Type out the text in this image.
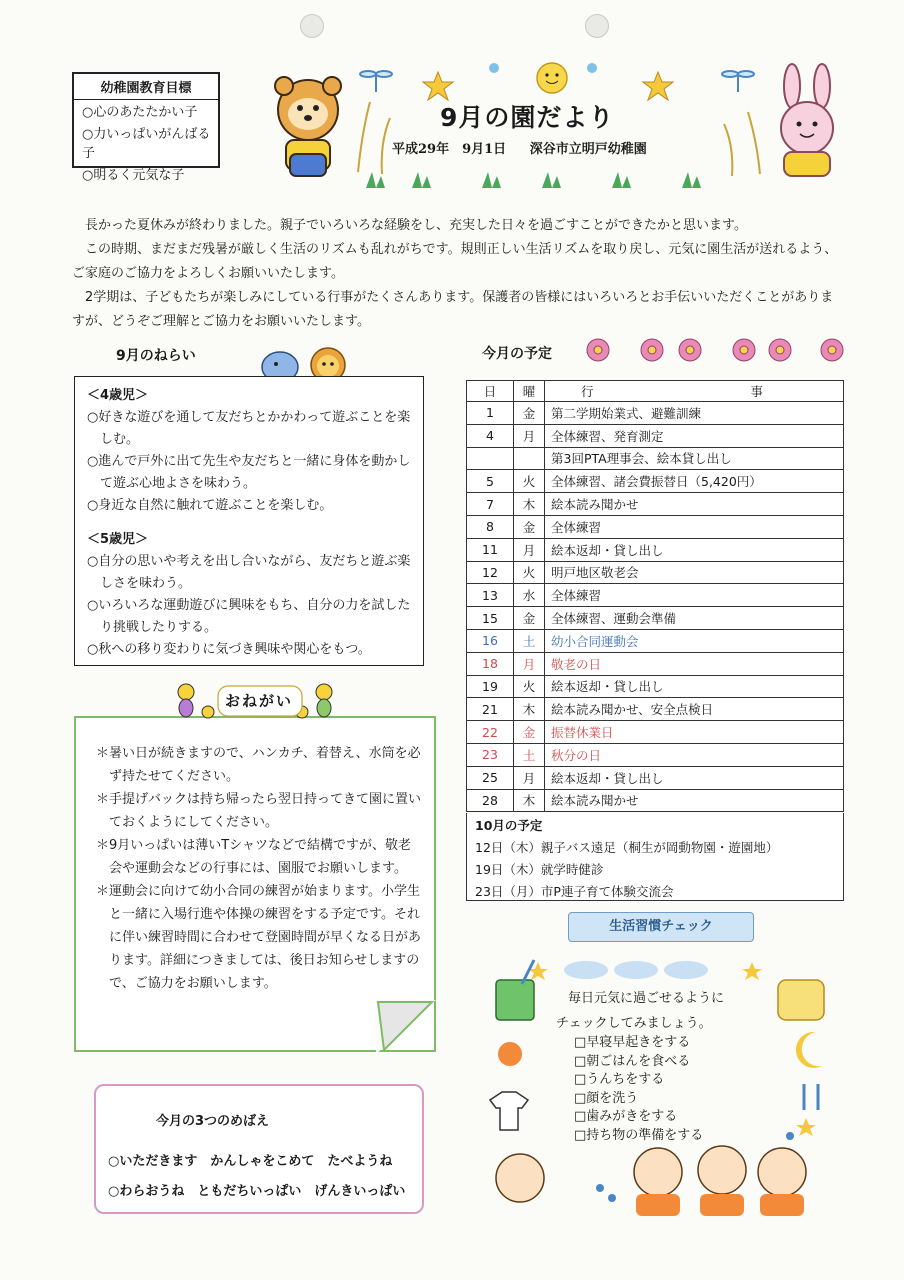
幼稚園教育目標
○心のあたたかい子
○力いっぱいがんばる子
○明るく元気な子
9月の園だより
平成29年　9月1日　 深谷市立明戸幼稚園

長かった夏休みが終わりました。親子でいろいろな経験をし、充実した日々を過ごすことができたかと思います。

この時期、まだまだ残暑が厳しく生活のリズムも乱れがちです。規則正しい生活リズムを取り戻し、元気に園生活が送れるよう、ご家庭のご協力をよろしくお願いいたします。

2学期は、子どもたちが楽しみにしている行事がたくさんあります。保護者の皆様にはいろいろとお手伝いいただくことがありますが、どうぞご理解とご協力をお願いいたします。

9月のねらい

＜4歳児＞

○好きな遊びを通して友だちとかかわって遊ぶことを楽しむ。

○進んで戸外に出て先生や友だちと一緒に身体を動かして遊ぶ心地よさを味わう。

○身近な自然に触れて遊ぶことを楽しむ。

＜5歳児＞

○自分の思いや考えを出し合いながら、友だちと遊ぶ楽しさを味わう。

○いろいろな運動遊びに興味をもち、自分の力を試したり挑戦したりする。

○秋への移り変わりに気づき興味や関心をもつ。

＊暑い日が続きますので、ハンカチ、着替え、水筒を必ず持たせてください。

＊手提げバックは持ち帰ったら翌日持ってきて園に置いておくようにしてください。

＊9月いっぱいは薄いTシャツなどで結構ですが、敬老会や運動会などの行事には、園服でお願いします。

＊運動会に向けて幼小合同の練習が始まります。小学生と一緒に入場行進や体操の練習をする予定です。それに伴い練習時間に合わせて登園時間が早くなる日があります。詳細につきましては、後日お知らせしますので、ご協力をお願いします。

おねがい
今月の3つのめばえ
○いただきます　かんしゃをこめて　たべようね
○わらおうね　ともだちいっぱい　げんきいっぱい
今月の予定
日	曜	行　　事
1	金	第二学期始業式、避難訓練
4	月	全体練習、発育測定
		第3回PTA理事会、絵本貸し出し
5	火	全体練習、諸会費振替日（5,420円）
7	木	絵本読み聞かせ
8	金	全体練習
11	月	絵本返却・貸し出し
12	火	明戸地区敬老会
13	水	全体練習
15	金	全体練習、運動会準備
16	土	幼小合同運動会
18	月	敬老の日
19	火	絵本返却・貸し出し
21	木	絵本読み聞かせ、安全点検日
22	金	振替休業日
23	土	秋分の日
25	月	絵本返却・貸し出し
28	木	絵本読み聞かせ
10月の予定
12日（木）親子バス遠足（桐生が岡動物園・遊園地）
19日（木）就学時健診
23日（月）市P連子育て体験交流会
生活習慣チェック
毎日元気に過ごせるように
チェックしてみましょう。
□早寝早起きをする
□朝ごはんを食べる
□うんちをする
□顔を洗う
□歯みがきをする
□持ち物の準備をする
